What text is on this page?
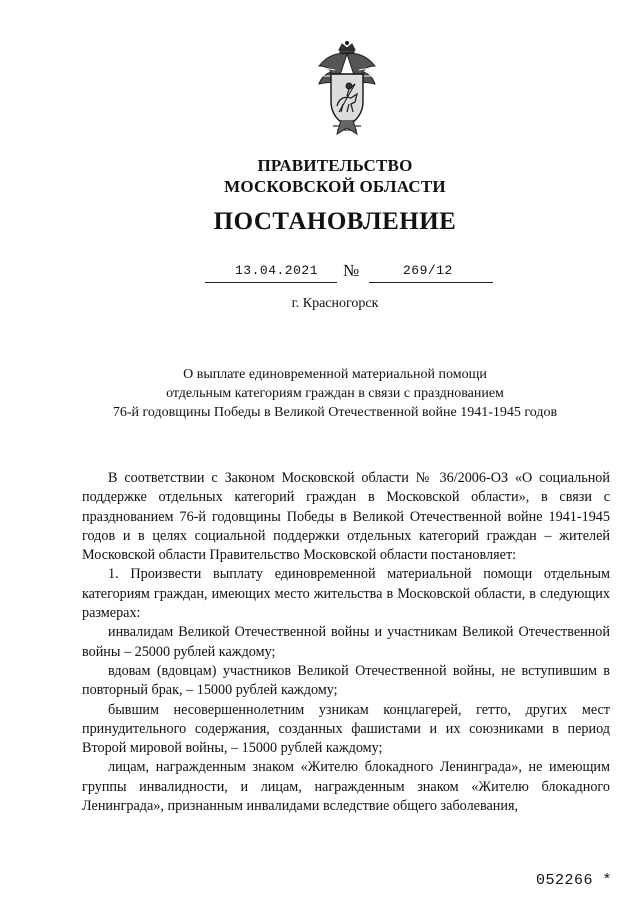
ПРАВИТЕЛЬСТВО
МОСКОВСКОЙ ОБЛАСТИ
ПОСТАНОВЛЕНИЕ
13.04.2021 №	269/12
г. Красногорск
О выплате единовременной материальной помощи
отдельным категориям граждан в связи с празднованием
76-й годовщины Победы в Великой Отечественной войне 1941-1945 годов

В соответствии с Законом Московской области № 36/2006-ОЗ «О социальной поддержке отдельных категорий граждан в Московской области», в связи с празднованием 76-й годовщины Победы в Великой Отечественной войне 1941-1945 годов и в целях социальной поддержки отдельных категорий граждан – жителей Московской области Правительство Московской области постановляет:

1. Произвести выплату единовременной материальной помощи отдельным категориям граждан, имеющих место жительства в Московской области, в следующих размерах:

инвалидам Великой Отечественной войны и участникам Великой Отечественной войны – 25000 рублей каждому;

вдовам (вдовцам) участников Великой Отечественной войны, не вступившим в повторный брак, – 15000 рублей каждому;

бывшим несовершеннолетним узникам концлагерей, гетто, других мест принудительного содержания, созданных фашистами и их союзниками в период Второй мировой войны, – 15000 рублей каждому;

лицам, награжденным знаком «Жителю блокадного Ленинграда», не имеющим группы инвалидности, и лицам, награжденным знаком «Жителю блокадного Ленинграда», признанным инвалидами вследствие общего заболевания,

052266 *
